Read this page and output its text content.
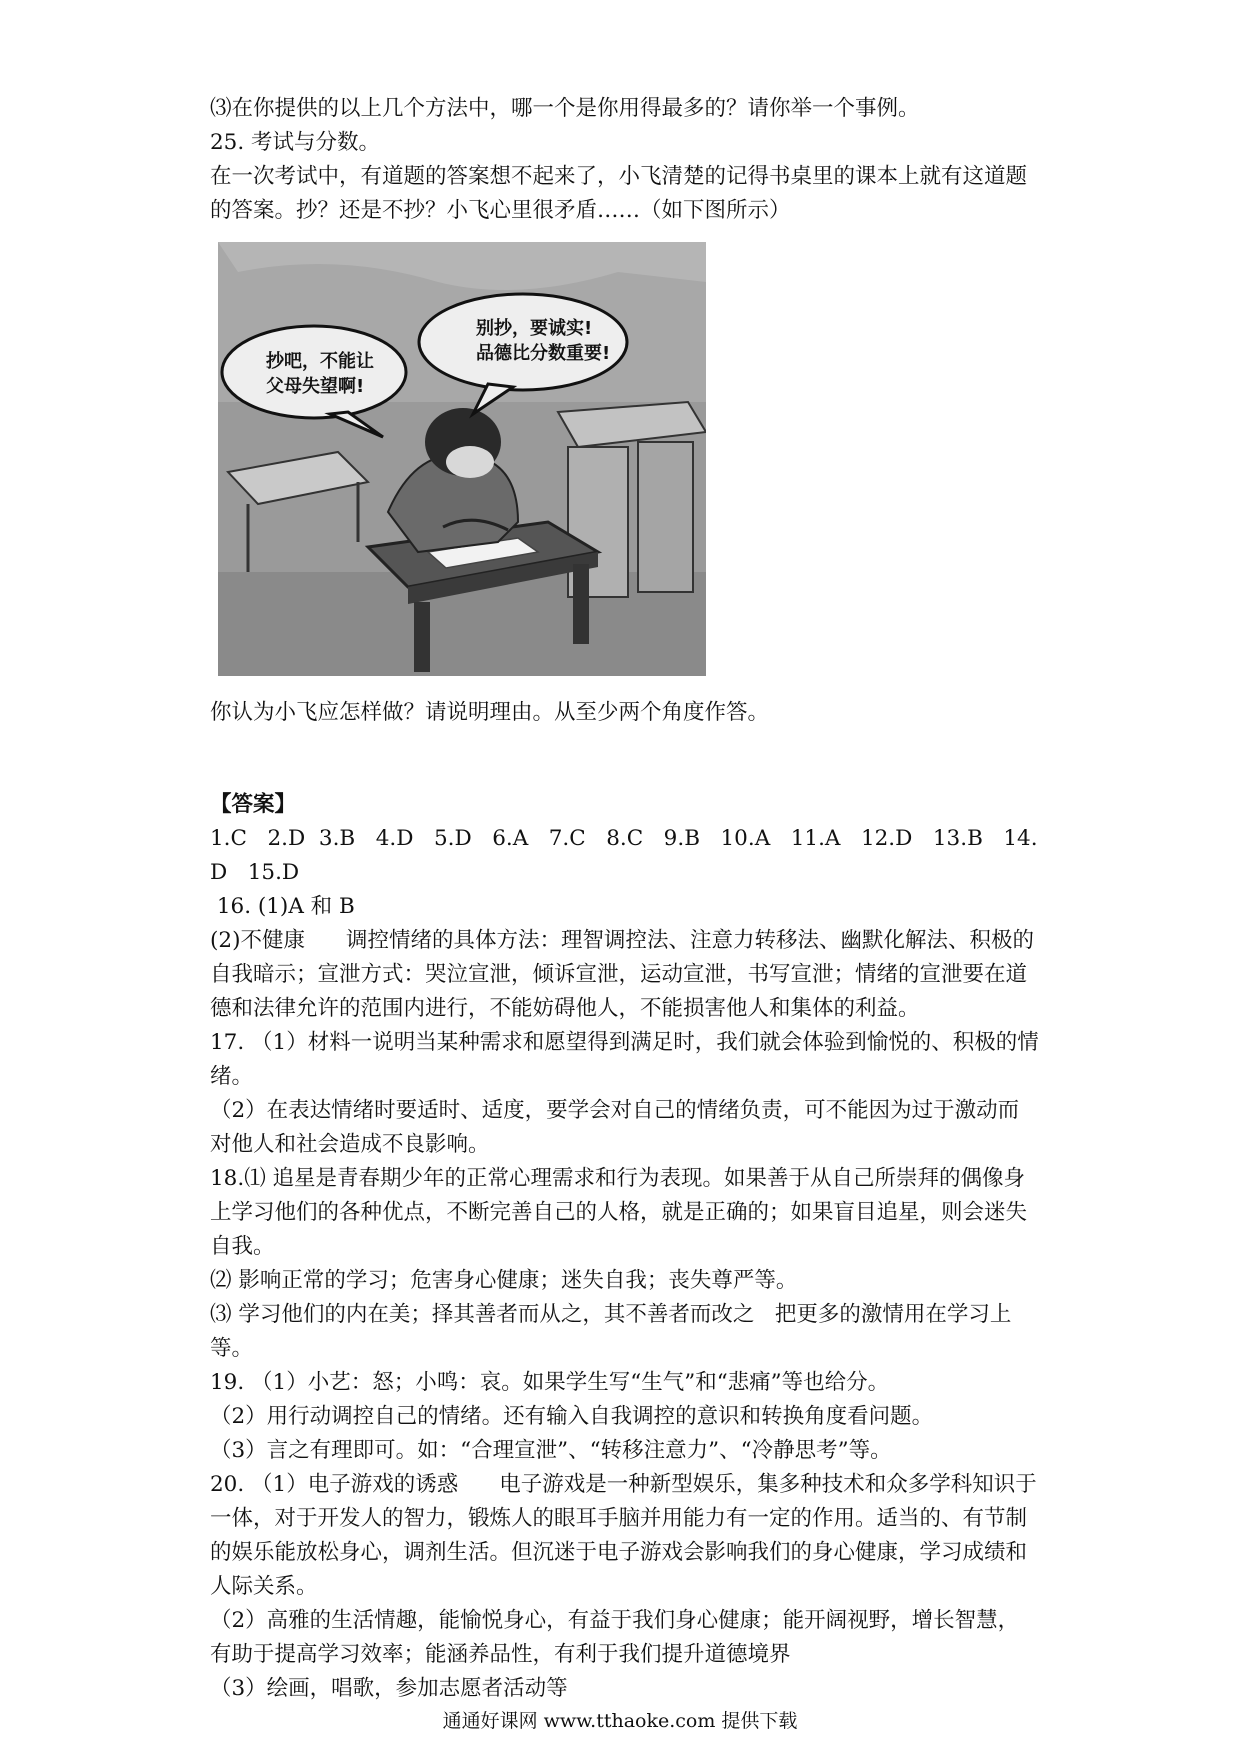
⑶在你提供的以上几个方法中，哪一个是你用得最多的？请你举一个事例。
25. 考试与分数。
在一次考试中，有道题的答案想不起来了，小飞清楚的记得书桌里的课本上就有这道题的答案。抄？还是不抄？小飞心里很矛盾……（如下图所示）
抄吧，不能让
父母失望啊!
别抄，要诚实!
品德比分数重要!
你认为小飞应怎样做？请说明理由。从至少两个角度作答。
【答案】
1.C   2.D  3.B   4.D   5.D   6.A   7.C   8.C   9.B   10.A   11.A   12.D   13.B   14.D   15.D
16. (1)A 和 B
(2)不健康      调控情绪的具体方法：理智调控法、注意力转移法、幽默化解法、积极的自我暗示；宣泄方式：哭泣宣泄，倾诉宣泄，运动宣泄，书写宣泄；情绪的宣泄要在道德和法律允许的范围内进行，不能妨碍他人，不能损害他人和集体的利益。
17. （1）材料一说明当某种需求和愿望得到满足时，我们就会体验到愉悦的、积极的情绪。
（2）在表达情绪时要适时、适度，要学会对自己的情绪负责，可不能因为过于激动而对他人和社会造成不良影响。
18.⑴ 追星是青春期少年的正常心理需求和行为表现。如果善于从自己所崇拜的偶像身上学习他们的各种优点，不断完善自己的人格，就是正确的；如果盲目追星，则会迷失自我。
⑵ 影响正常的学习；危害身心健康；迷失自我；丧失尊严等。
⑶ 学习他们的内在美；择其善者而从之，其不善者而改之   把更多的激情用在学习上等。
19. （1）小艺：怒；小鸣：哀。如果学生写“生气”和“悲痛”等也给分。
（2）用行动调控自己的情绪。还有输入自我调控的意识和转换角度看问题。
（3）言之有理即可。如：“合理宣泄”、“转移注意力”、“冷静思考”等。
20. （1）电子游戏的诱惑      电子游戏是一种新型娱乐，集多种技术和众多学科知识于一体，对于开发人的智力，锻炼人的眼耳手脑并用能力有一定的作用。适当的、有节制的娱乐能放松身心，调剂生活。但沉迷于电子游戏会影响我们的身心健康，学习成绩和人际关系。
（2）高雅的生活情趣，能愉悦身心，有益于我们身心健康；能开阔视野，增长智慧，有助于提高学习效率；能涵养品性，有利于我们提升道德境界
（3）绘画，唱歌，参加志愿者活动等
通通好课网 www.tthaoke.com 提供下载
